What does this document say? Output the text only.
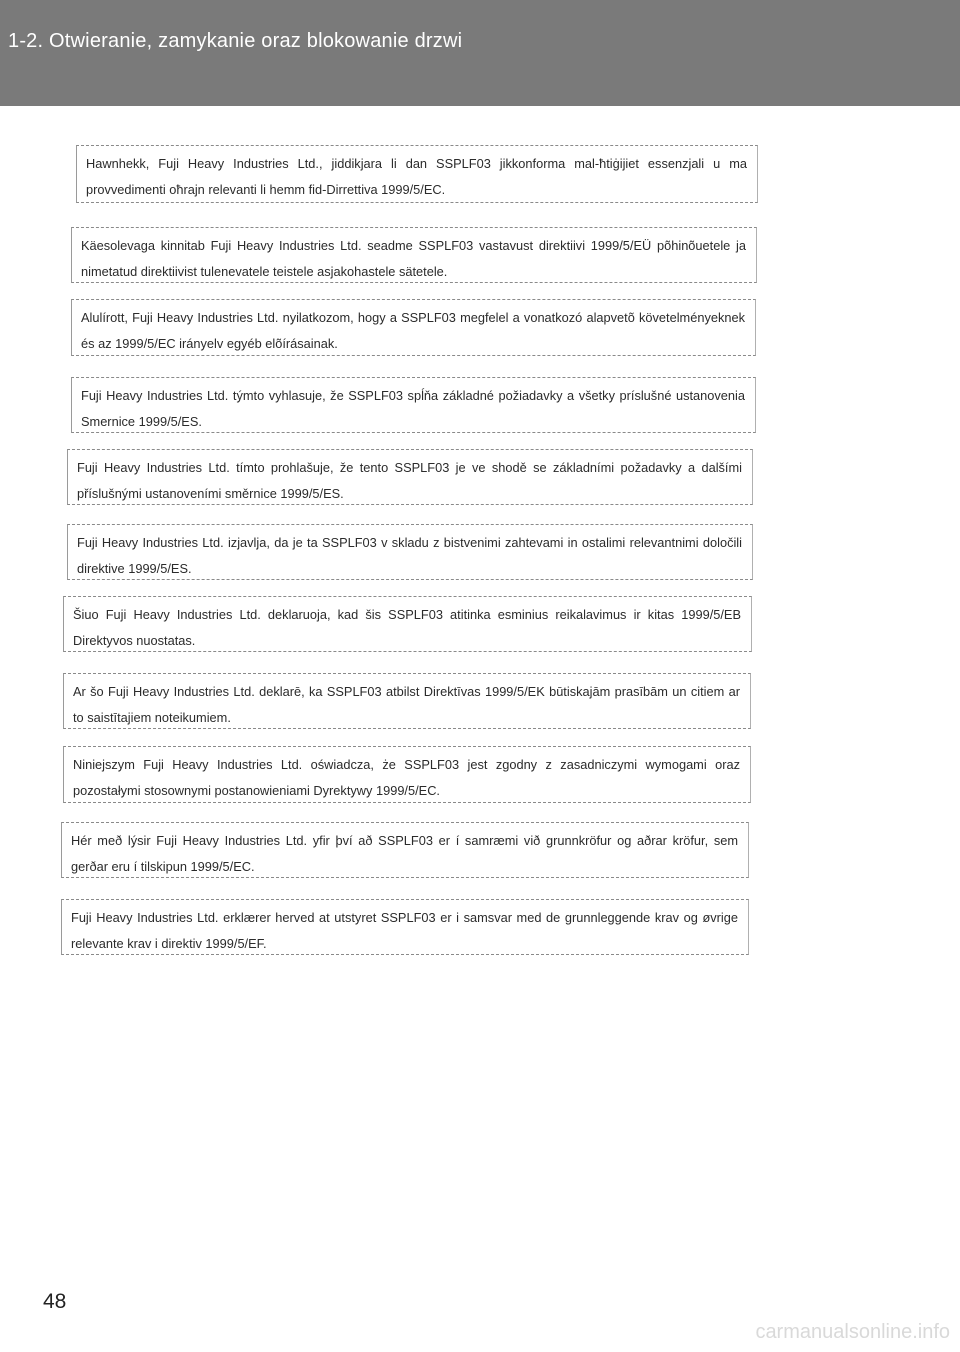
1-2. Otwieranie, zamykanie oraz blokowanie drzwi
Hawnhekk, Fuji Heavy Industries Ltd., jiddikjara li dan SSPLF03 jikkonforma mal-ħtiġijiet essenzjali u ma provvedimenti oħrajn relevanti li hemm fid-Dirrettiva 1999/5/EC.
Käesolevaga kinnitab Fuji Heavy Industries Ltd. seadme SSPLF03 vastavust direktiivi 1999/5/EÜ põhinõuetele ja nimetatud direktiivist tulenevatele teistele asjakohastele sätetele.
Alulírott, Fuji Heavy Industries Ltd. nyilatkozom, hogy a SSPLF03 megfelel a vonatkozó alapvetõ követelményeknek és az 1999/5/EC irányelv egyéb elõírásainak.
Fuji Heavy Industries Ltd. týmto vyhlasuje, že SSPLF03 spĺňa základné požiadavky a všetky príslušné ustanovenia Smernice 1999/5/ES.
Fuji Heavy Industries Ltd. tímto prohlašuje, že tento SSPLF03 je ve shodě se základními požadavky a dalšími příslušnými ustanoveními směrnice 1999/5/ES.
Fuji Heavy Industries Ltd. izjavlja, da je ta SSPLF03 v skladu z bistvenimi zahtevami in ostalimi relevantnimi določili direktive 1999/5/ES.
Šiuo Fuji Heavy Industries Ltd. deklaruoja, kad šis SSPLF03 atitinka esminius reikalavimus ir kitas 1999/5/EB Direktyvos nuostatas.
Ar šo Fuji Heavy Industries Ltd. deklarē, ka SSPLF03 atbilst Direktīvas 1999/5/EK būtiskajām prasībām un citiem ar to saistītajiem noteikumiem.
Niniejszym Fuji Heavy Industries Ltd. oświadcza, że SSPLF03 jest zgodny z zasadniczymi wymogami oraz pozostałymi stosownymi postanowieniami Dyrektywy 1999/5/EC.
Hér með lýsir Fuji Heavy Industries Ltd. yfir því að SSPLF03 er í samræmi við grunnkröfur og aðrar kröfur, sem gerðar eru í tilskipun 1999/5/EC.
Fuji Heavy Industries Ltd. erklærer herved at utstyret SSPLF03 er i samsvar med de grunnleggende krav og øvrige relevante krav i direktiv 1999/5/EF.
48
carmanualsonline.info
